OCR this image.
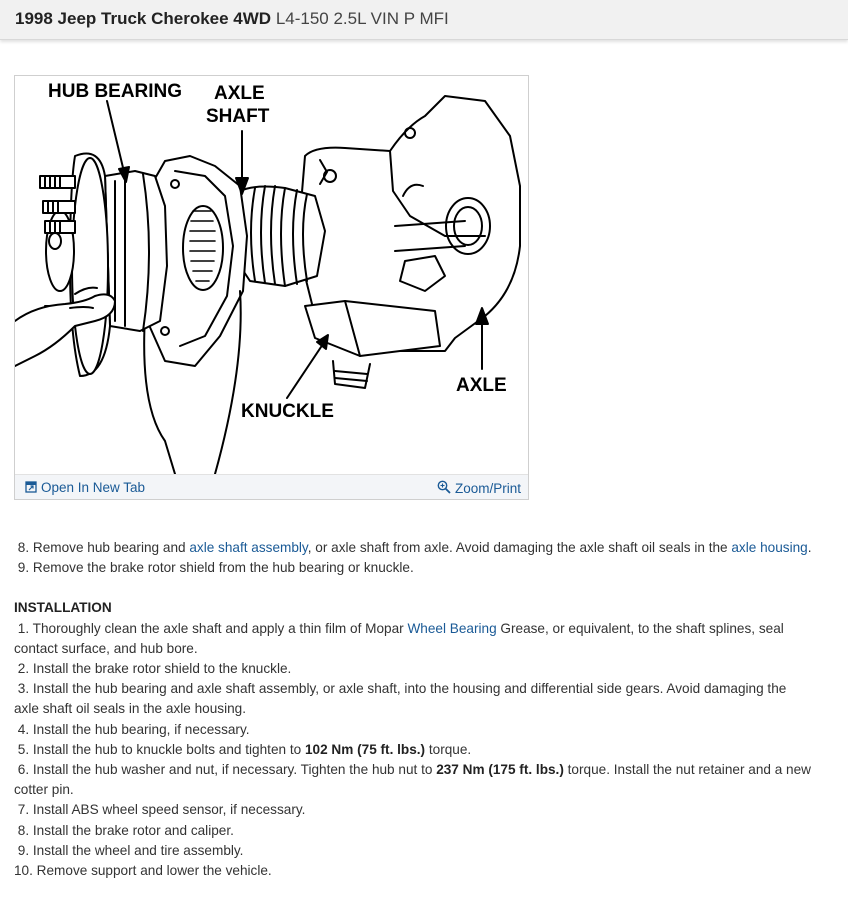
1998 Jeep Truck Cherokee 4WD L4-150 2.5L VIN P MFI
HUB BEARING AXLE
SHAFT
KNUCKLE
AXLE
Open In New Tab	Zoom/Print
8. Remove hub bearing and axle shaft assembly, or axle shaft from axle. Avoid damaging the axle shaft oil seals in the axle housing.
9. Remove the brake rotor shield from the hub bearing or knuckle.
INSTALLATION
1. Thoroughly clean the axle shaft and apply a thin film of Mopar Wheel Bearing Grease, or equivalent, to the shaft splines, seal contact surface, and hub bore.
2. Install the brake rotor shield to the knuckle.
3. Install the hub bearing and axle shaft assembly, or axle shaft, into the housing and differential side gears. Avoid damaging the axle shaft oil seals in the axle housing.
4. Install the hub bearing, if necessary.
5. Install the hub to knuckle bolts and tighten to 102 Nm (75 ft. lbs.) torque.
6. Install the hub washer and nut, if necessary. Tighten the hub nut to 237 Nm (175 ft. lbs.) torque. Install the nut retainer and a new cotter pin.
7. Install ABS wheel speed sensor, if necessary.
8. Install the brake rotor and caliper.
9. Install the wheel and tire assembly.
10. Remove support and lower the vehicle.
